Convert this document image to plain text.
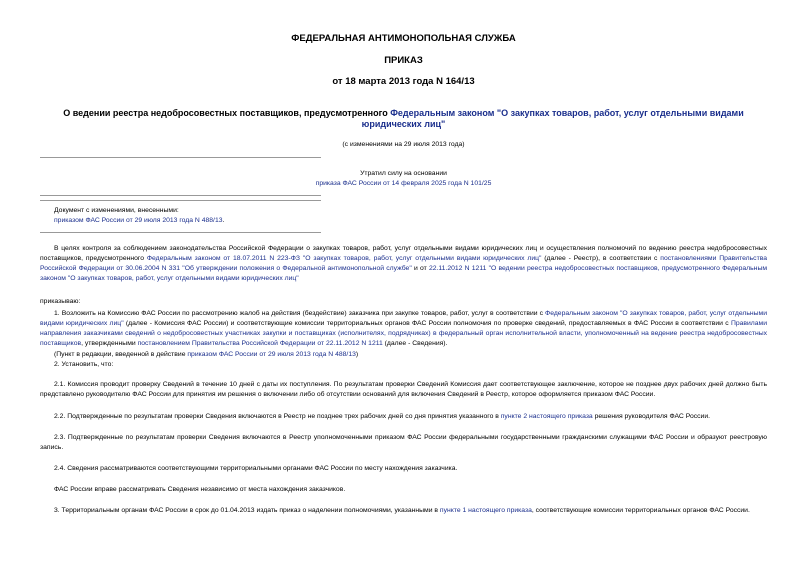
ФЕДЕРАЛЬНАЯ АНТИМОНОПОЛЬНАЯ СЛУЖБА
ПРИКАЗ
от 18 марта 2013 года N 164/13
О ведении реестра недобросовестных поставщиков, предусмотренного Федеральным законом "О закупках товаров, работ, услуг отдельными видами юридических лиц"
(с изменениями на 29 июля 2013 года)
Утратил силу на основании
приказа ФАС России от 14 февраля 2025 года N 101/25
Документ с изменениями, внесенными:
приказом ФАС России от 29 июля 2013 года N 488/13.

В целях контроля за соблюдением законодательства Российской Федерации о закупках товаров, работ, услуг отдельными видами юридических лиц и осуществления полномочий по ведению реестра недобросовестных поставщиков, предусмотренного Федеральным законом от 18.07.2011 N 223-ФЗ "О закупках товаров, работ, услуг отдельными видами юридических лиц" (далее - Реестр), в соответствии с постановлениями Правительства Российской Федерации от 30.06.2004 N 331 "Об утверждении положения о Федеральной антимонопольной службе" и от 22.11.2012 N 1211 "О ведении реестра недобросовестных поставщиков, предусмотренного Федеральным законом "О закупках товаров, работ, услуг отдельными видами юридических лиц"

приказываю:

1. Возложить на Комиссию ФАС России по рассмотрению жалоб на действия (бездействие) заказчика при закупке товаров, работ, услуг в соответствии с Федеральным законом "О закупках товаров, работ, услуг отдельными видами юридических лиц" (далее - Комиссия ФАС России) и соответствующие комиссии территориальных органов ФАС России полномочия по проверке сведений, предоставляемых в ФАС России в соответствии с Правилами направления заказчиками сведений о недобросовестных участниках закупки и поставщиках (исполнителях, подрядчиках) в федеральный орган исполнительной власти, уполномоченный на ведение реестра недобросовестных поставщиков, утвержденными постановлением Правительства Российской Федерации от 22.11.2012 N 1211 (далее - Сведения).

(Пункт в редакции, введенной в действие приказом ФАС России от 29 июля 2013 года N 488/13)

2. Установить, что:

2.1. Комиссия проводит проверку Сведений в течение 10 дней с даты их поступления. По результатам проверки Сведений Комиссия дает соответствующее заключение, которое не позднее двух рабочих дней должно быть представлено руководителю ФАС России для принятия им решения о включении либо об отсутствии оснований для включения Сведений в Реестр, которое оформляется приказом ФАС России.

2.2. Подтвержденные по результатам проверки Сведения включаются в Реестр не позднее трех рабочих дней со дня принятия указанного в пункте 2 настоящего приказа решения руководителя ФАС России.

2.3. Подтвержденные по результатам проверки Сведения включаются в Реестр уполномоченными приказом ФАС России федеральными государственными гражданскими служащими ФАС России и образуют реестровую запись.

2.4. Сведения рассматриваются соответствующими территориальными органами ФАС России по месту нахождения заказчика.

ФАС России вправе рассматривать Сведения независимо от места нахождения заказчиков.

3. Территориальным органам ФАС России в срок до 01.04.2013 издать приказ о наделении полномочиями, указанными в пункте 1 настоящего приказа, соответствующие комиссии территориальных органов ФАС России.
